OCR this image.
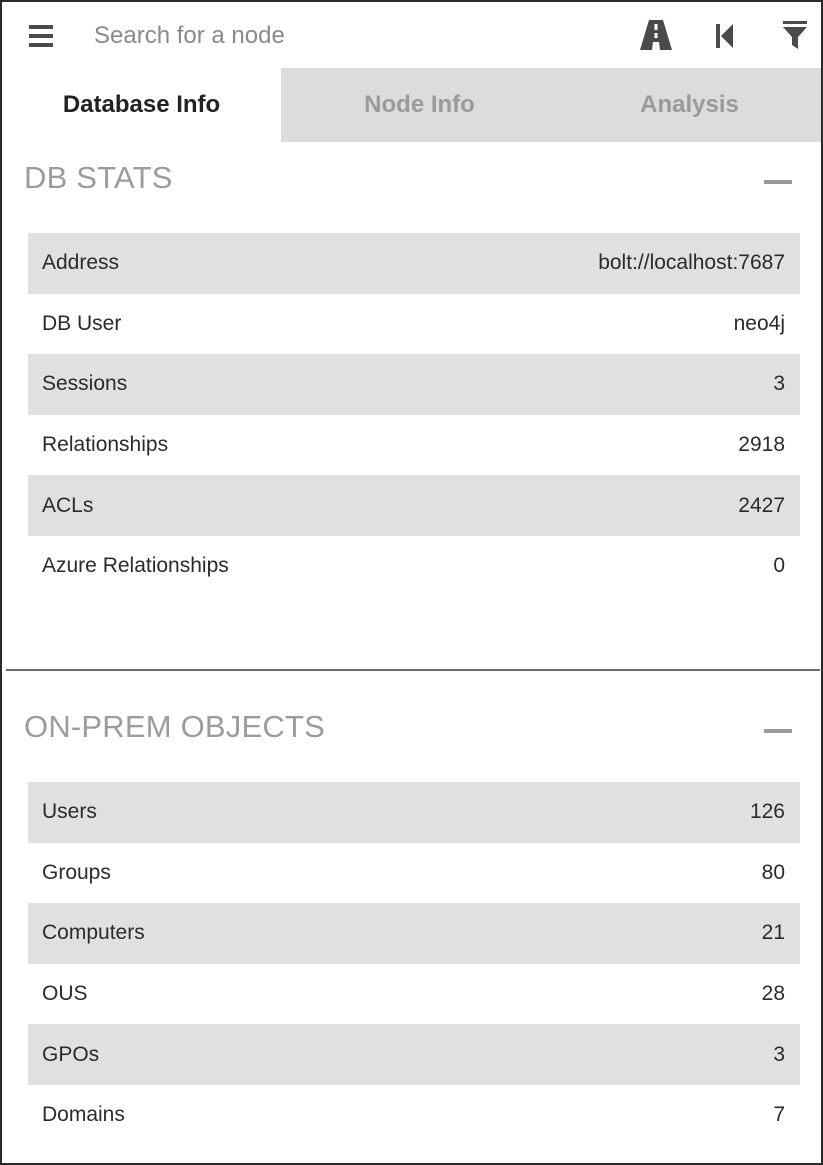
Search for a node
Database Info	Node Info	Analysis
DB STATS
Address	bolt://localhost:7687
DB User	neo4j
Sessions	3
Relationships	2918
ACLs	2427
Azure Relationships	0
ON-PREM OBJECTS
Users	126
Groups	80
Computers	21
OUS	28
GPOs	3
Domains	7
